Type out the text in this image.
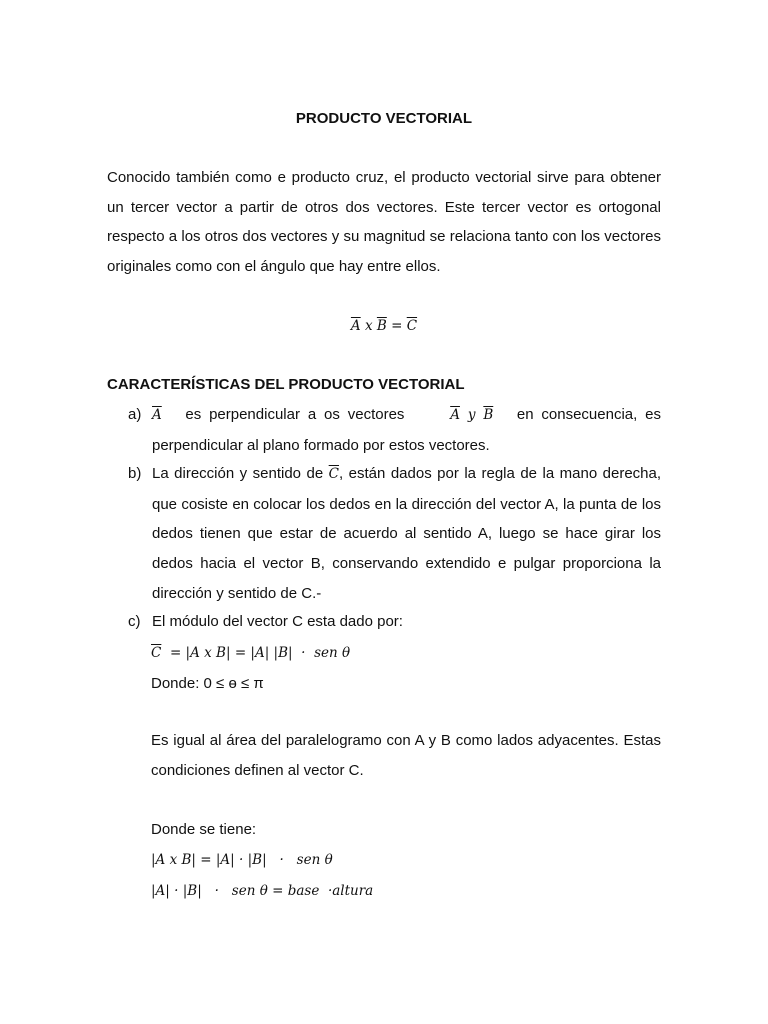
PRODUCTO VECTORIAL

Conocido también como e producto cruz, el producto vectorial sirve para obtener un tercer vector a partir de otros dos vectores. Este tercer vector es ortogonal respecto a los otros dos vectores y su magnitud se relaciona tanto con los vectores originales como con el ángulo que hay entre ellos.

$\overline{A}$ x $\overline{B} = \overline{C}$
CARACTERÍSTICAS DEL PRODUCTO VECTORIAL
a) $\overline{A}$ es perpendicular a os vectores	$\overline{A}$ y $\overline{B}$ en consecuencia, es perpendicular al plano formado por estos vectores.
b) La dirección y sentido de $\overline{C}$, están dados por la regla de la mano derecha, que cosiste en colocar los dedos en la dirección del vector A, la punta de los dedos tienen que estar de acuerdo al sentido A, luego se hace girar los dedos hacia el vector B, conservando extendido e pulgar proporciona la dirección y sentido de C.-
c) El módulo del vector C esta dado por:
$\overline{C} = |A$ x B| = |A| |B| · sen θ
Donde: 0 ≤ ө ≤ π
Es igual al área del paralelogramo con A y B como lados adyacentes. Estas condiciones definen al vector C.
Donde se tiene:
|A x B| = |A| · |B| · sen θ
|A| · |B| · sen θ = base ·altura
